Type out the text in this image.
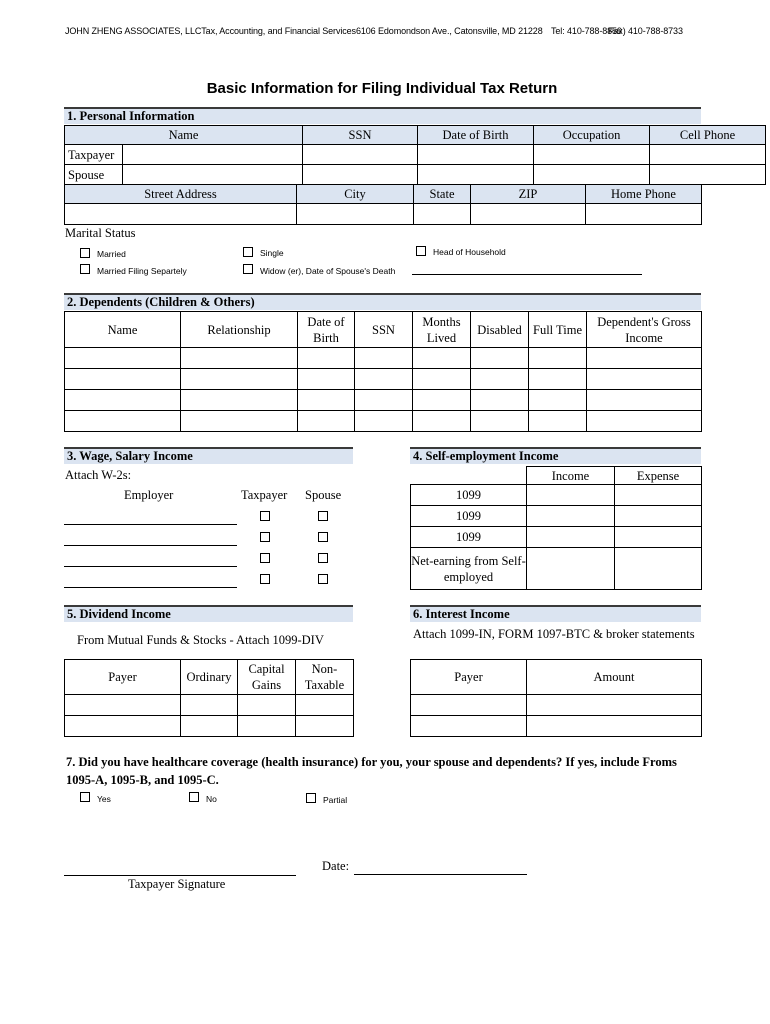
JOHN ZHENG ASSOCIATES, LLCTax, Accounting, and Financial Services6106 Edomondson Ave., Catonsville, MD 21228 Tel: 410-788-8859
Fax) 410-788-8733
Basic Information for Filing Individual Tax Return
1. Personal Information
Name		SSN	Date of Birth	Occupation	Cell Phone
Taxpayer					
Spouse					
Street Address	City	State	ZIP	Home Phone

Marital Status
Married	Single	Head of Household
Married Filing Separtely	Widow (er), Date of Spouse's Death
2. Dependents (Children & Others)
Name	Relationship	Date of Birth	SSN	Months Lived	Disabled	Full Time	Dependent's Gross Income

3. Wage, Salary Income
Attach W-2s:
Employer	Taxpayer Spouse
4. Self-employment Income
	Income	Expense
1099		
1099		
1099		
Net-earning from Self-employed		
5. Dividend Income
From Mutual Funds & Stocks - Attach 1099-DIV
Payer	Ordinary	Capital Gains	Non-Taxable

6. Interest Income
Attach 1099-IN, FORM 1097-BTC & broker statements
Payer	Amount

7. Did you have healthcare coverage (health insurance) for you, your spouse and dependents? If yes, include Froms 1095-A, 1095-B, and 1095-C.
Yes	No	Partial
Taxpayer Signature
Date:
